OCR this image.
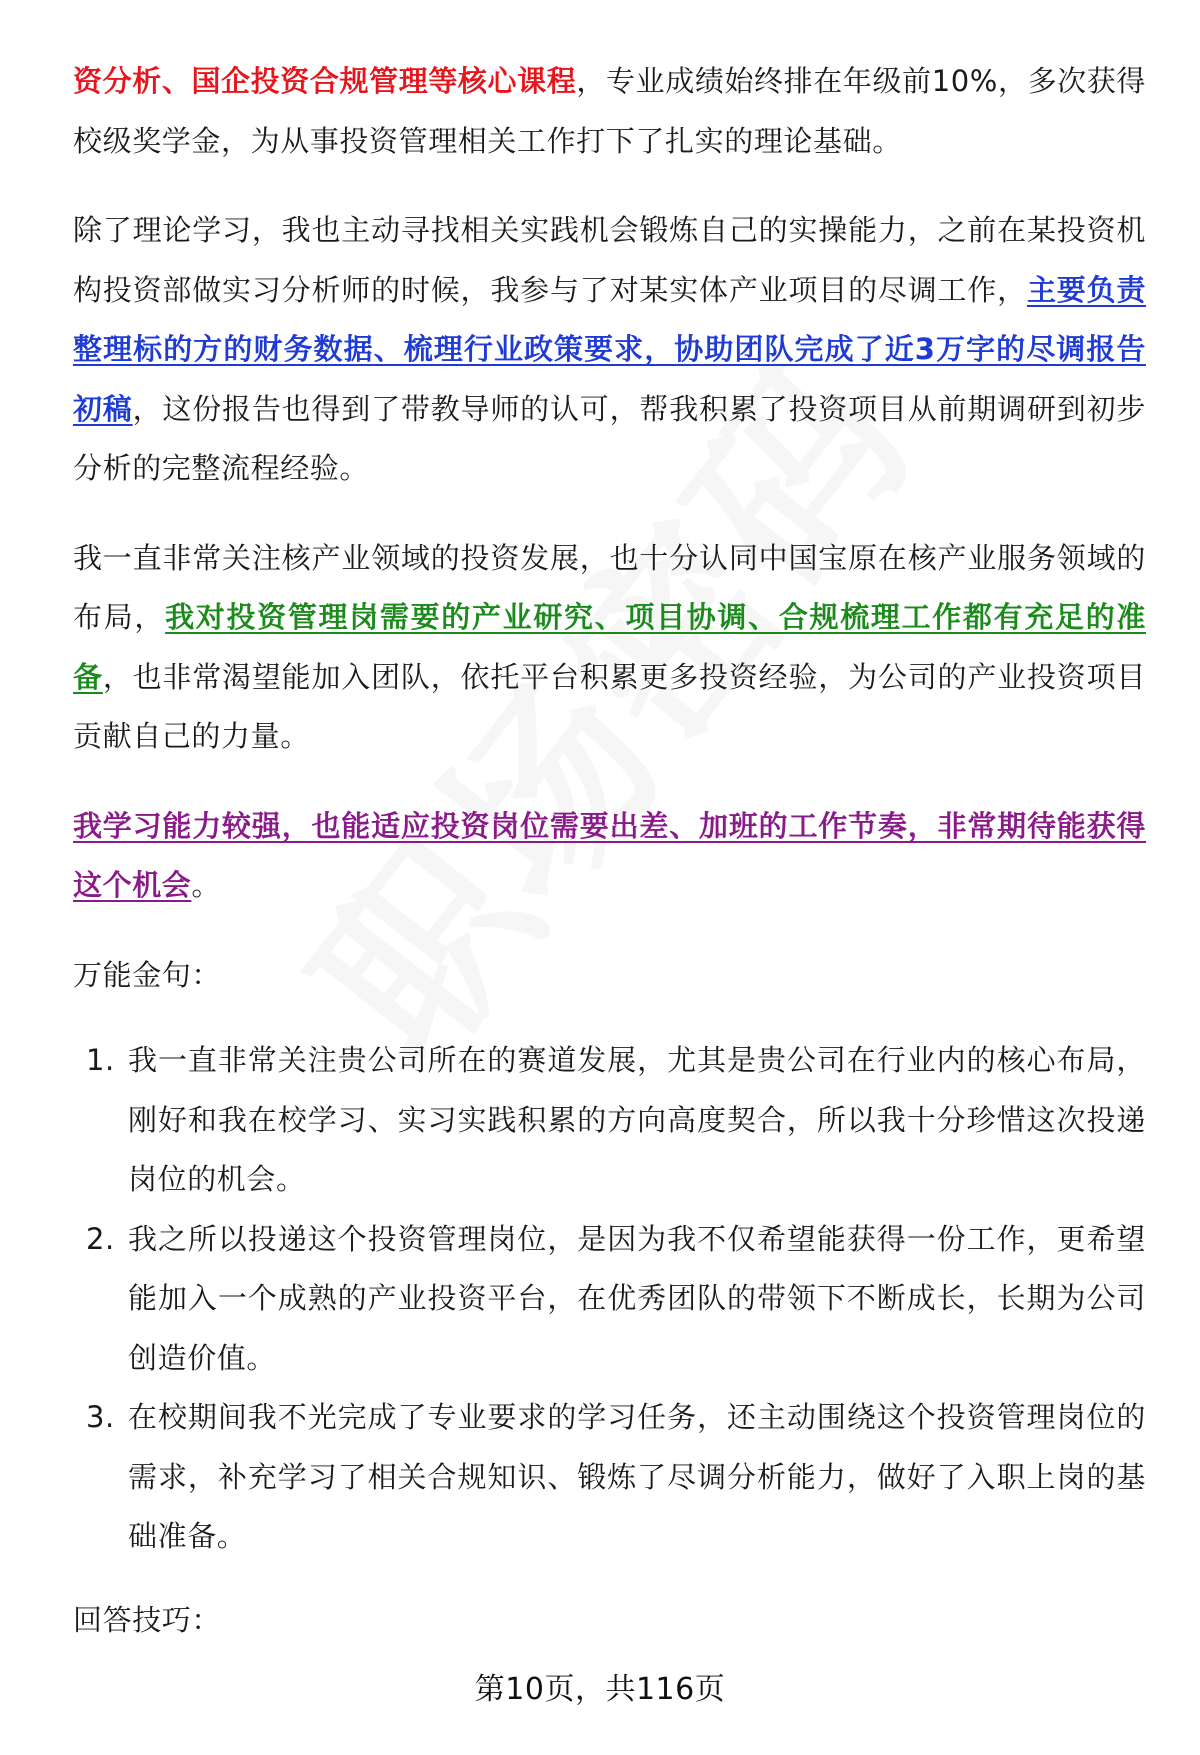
资分析、国企投资合规管理等核心课程，专业成绩始终排在年级前10%，多次获得校级奖学金，为从事投资管理相关工作打下了扎实的理论基础。

除了理论学习，我也主动寻找相关实践机会锻炼自己的实操能力，之前在某投资机构投资部做实习分析师的时候，我参与了对某实体产业项目的尽调工作，主要负责整理标的方的财务数据、梳理行业政策要求，协助团队完成了近3万字的尽调报告初稿，这份报告也得到了带教导师的认可，帮我积累了投资项目从前期调研到初步分析的完整流程经验。

我一直非常关注核产业领域的投资发展，也十分认同中国宝原在核产业服务领域的布局，我对投资管理岗需要的产业研究、项目协调、合规梳理工作都有充足的准备，也非常渴望能加入团队，依托平台积累更多投资经验，为公司的产业投资项目贡献自己的力量。

我学习能力较强，也能适应投资岗位需要出差、加班的工作节奏，非常期待能获得这个机会。

万能金句：
1. 我一直非常关注贵公司所在的赛道发展，尤其是贵公司在行业内的核心布局，刚好和我在校学习、实习实践积累的方向高度契合，所以我十分珍惜这次投递岗位的机会。
2. 我之所以投递这个投资管理岗位，是因为我不仅希望能获得一份工作，更希望能加入一个成熟的产业投资平台，在优秀团队的带领下不断成长，长期为公司创造价值。
3. 在校期间我不光完成了专业要求的学习任务，还主动围绕这个投资管理岗位的需求，补充学习了相关合规知识、锻炼了尽调分析能力，做好了入职上岗的基础准备。
回答技巧：
第10页，共116页
